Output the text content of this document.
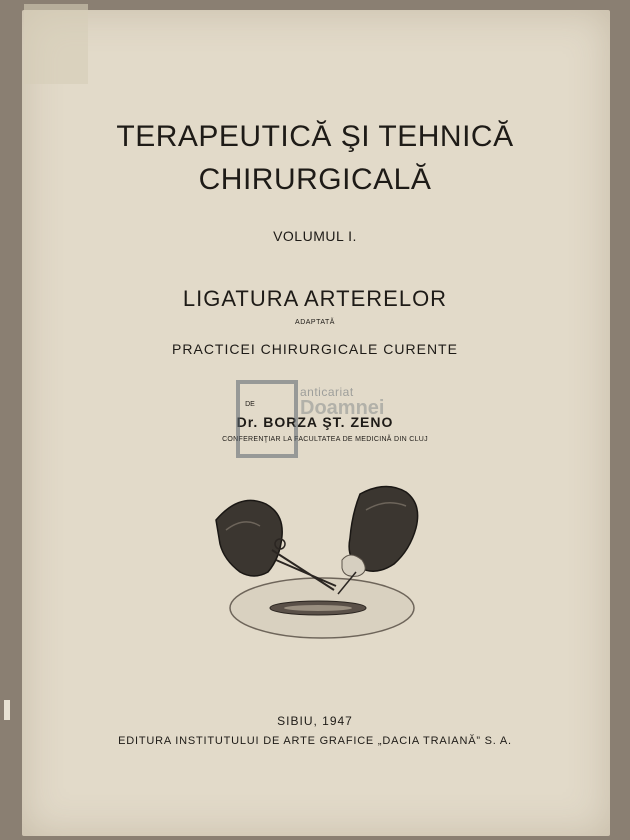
TERAPEUTICĂ ŞI TEHNICĂ
CHIRURGICALĂ
VOLUMUL I.
LIGATURA ARTERELOR
ADAPTATĂ
PRACTICEI CHIRURGICALE CURENTE
DE
Dr. BORZA ŞT. ZENO
CONFERENŢIAR LA FACULTATEA DE MEDICINĂ DIN CLUJ
anticariat
Doamnei
SIBIU, 1947
EDITURA INSTITUTULUI DE ARTE GRAFICE „DACIA TRAIANĂ” S. A.
